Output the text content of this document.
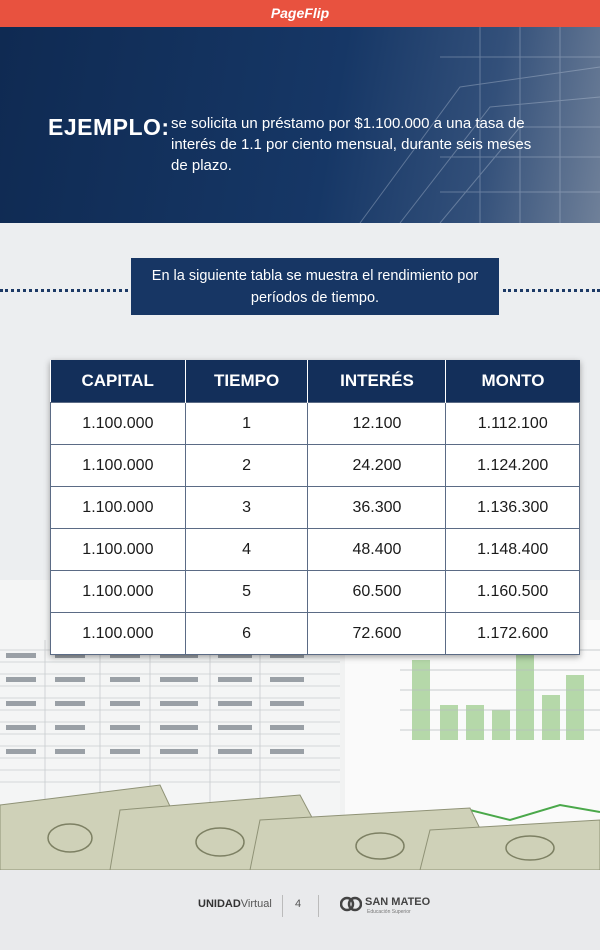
PageFlip
EJEMPLO: se solicita un préstamo por $1.100.000 a una tasa de interés de 1.1 por ciento mensual, durante seis meses de plazo.
En la siguiente tabla se muestra el rendimiento por períodos de tiempo.
CAPITAL	TIEMPO	INTERÉS	MONTO
1.100.000	1	12.100	1.112.100
1.100.000	2	24.200	1.124.200
1.100.000	3	36.300	1.136.300
1.100.000	4	48.400	1.148.400
1.100.000	5	60.500	1.160.500
1.100.000	6	72.600	1.172.600
UNIDADVirtual 4	SAN MATEO
Educación Superior
